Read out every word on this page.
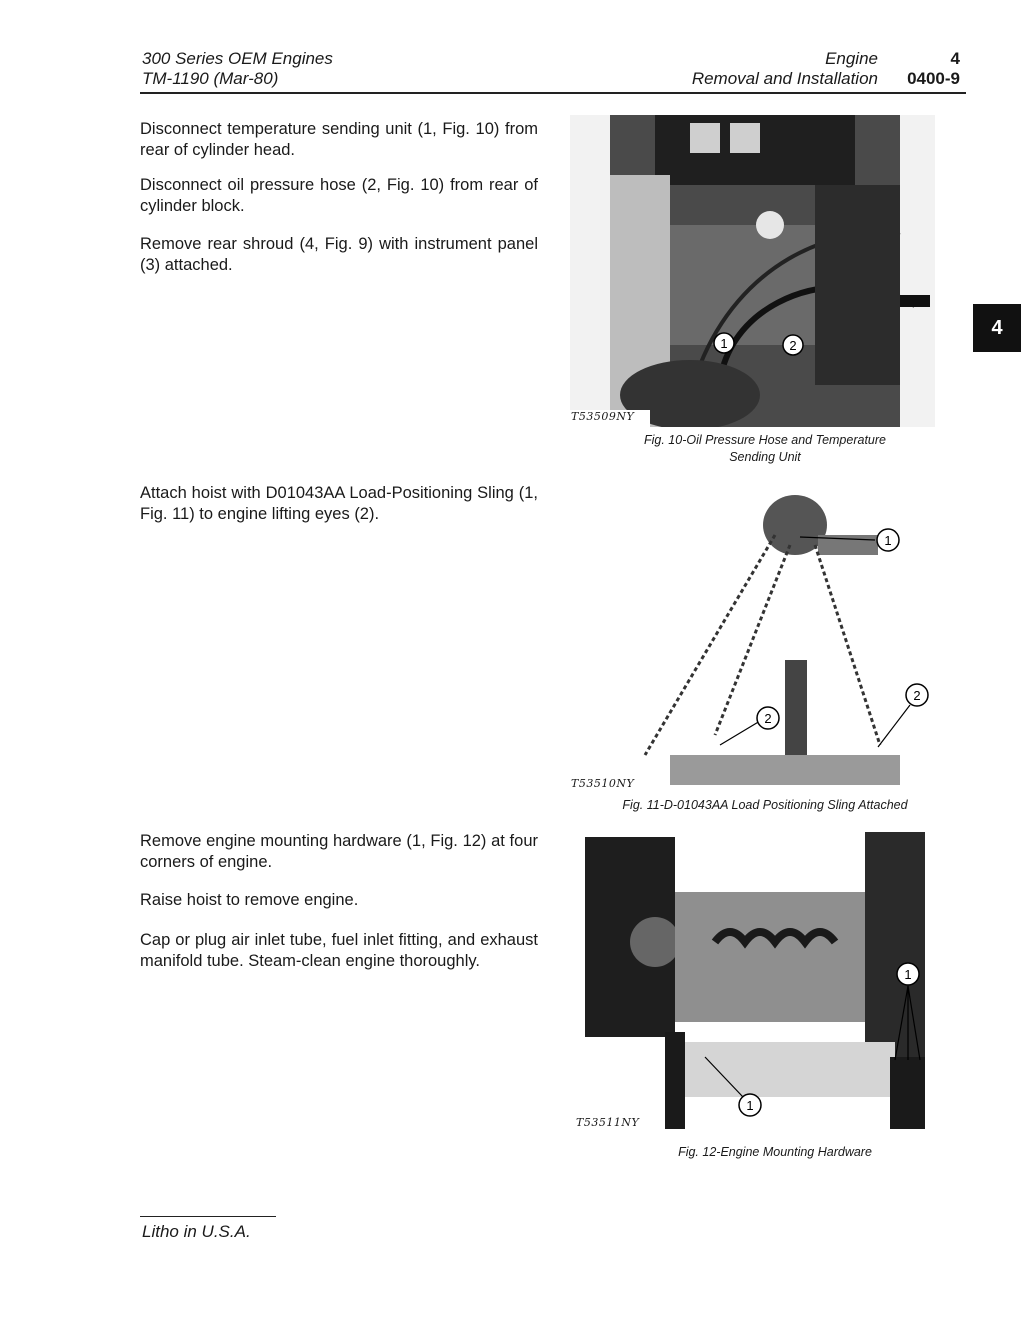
300 Series OEM Engines
TM-1190 (Mar-80)
Engine
Removal and Installation
4
0400-9
4

Disconnect temperature sending unit (1, Fig. 10) from rear of cylinder head.

Disconnect oil pressure hose (2, Fig. 10) from rear of cylinder block.

Remove rear shroud (4, Fig. 9) with instrument panel (3) attached.

Attach hoist with D01043AA Load-Positioning Sling (1, Fig. 11) to engine lifting eyes (2).

Remove engine mounting hardware (1, Fig. 12) at four corners of engine.

Raise hoist to remove engine.

Cap or plug air inlet tube, fuel inlet fitting, and exhaust manifold tube. Steam-clean engine thoroughly.

1	2
T53509NY
Fig. 10-Oil Pressure Hose and Temperature
Sending Unit
1
2
2
T53510NY
Fig. 11-D-01043AA Load Positioning Sling Attached
1
1
T53511NY
Fig. 12-Engine Mounting Hardware
Litho in U.S.A.
